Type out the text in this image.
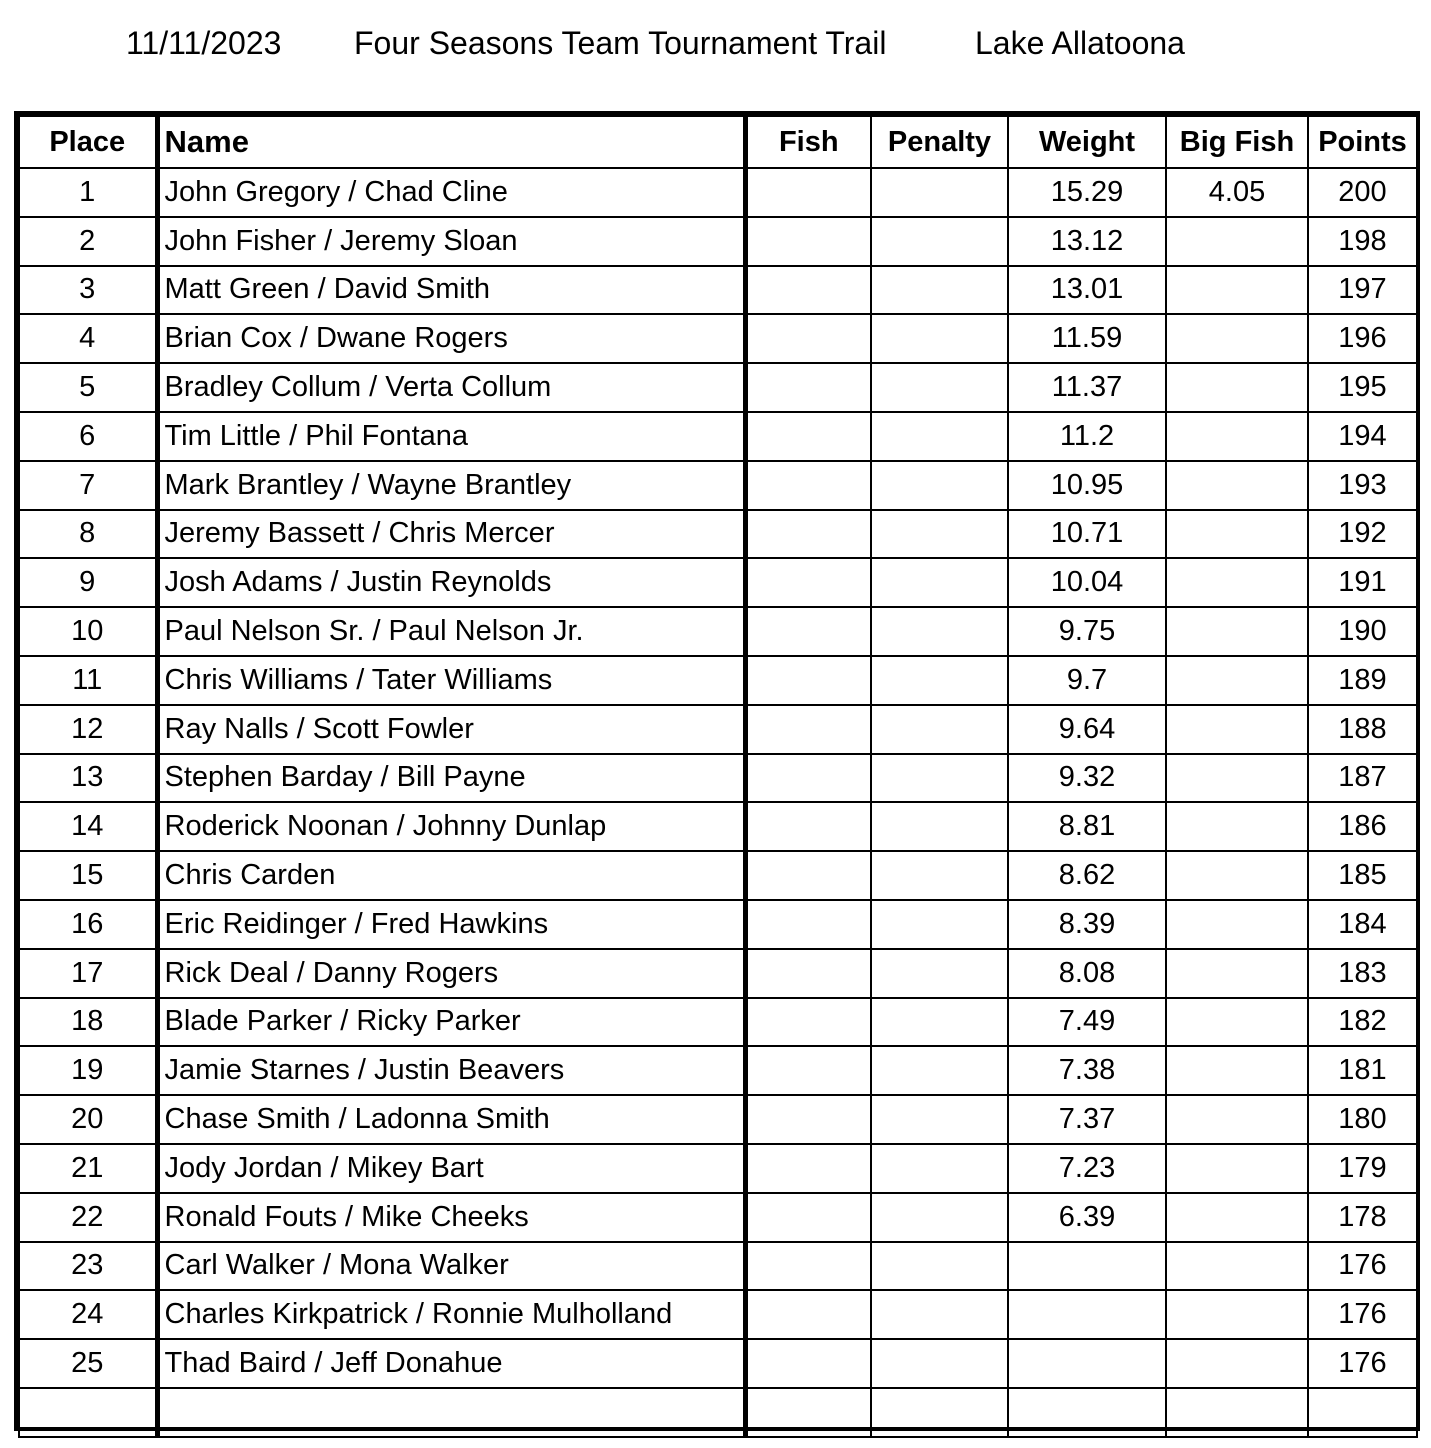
11/11/2023 Four Seasons Team Tournament Trail	Lake Allatoona
Place	Name	Fish	Penalty	Weight	Big Fish	Points
1	John Gregory / Chad Cline			15.29	4.05	200
2	John Fisher / Jeremy Sloan			13.12		198
3	Matt Green / David Smith			13.01		197
4	Brian Cox / Dwane Rogers			11.59		196
5	Bradley Collum / Verta Collum			11.37		195
6	Tim Little / Phil Fontana			11.2		194
7	Mark Brantley / Wayne Brantley			10.95		193
8	Jeremy Bassett / Chris Mercer			10.71		192
9	Josh Adams / Justin Reynolds			10.04		191
10	Paul Nelson Sr. / Paul Nelson Jr.			9.75		190
11	Chris Williams / Tater Williams			9.7		189
12	Ray Nalls / Scott Fowler			9.64		188
13	Stephen Barday / Bill Payne			9.32		187
14	Roderick Noonan / Johnny Dunlap			8.81		186
15	Chris Carden			8.62		185
16	Eric Reidinger / Fred Hawkins			8.39		184
17	Rick Deal / Danny Rogers			8.08		183
18	Blade Parker / Ricky Parker			7.49		182
19	Jamie Starnes / Justin Beavers			7.38		181
20	Chase Smith / Ladonna Smith			7.37		180
21	Jody Jordan / Mikey Bart			7.23		179
22	Ronald Fouts / Mike Cheeks			6.39		178
23	Carl Walker / Mona Walker					176
24	Charles Kirkpatrick / Ronnie Mulholland					176
25	Thad Baird / Jeff Donahue					176
